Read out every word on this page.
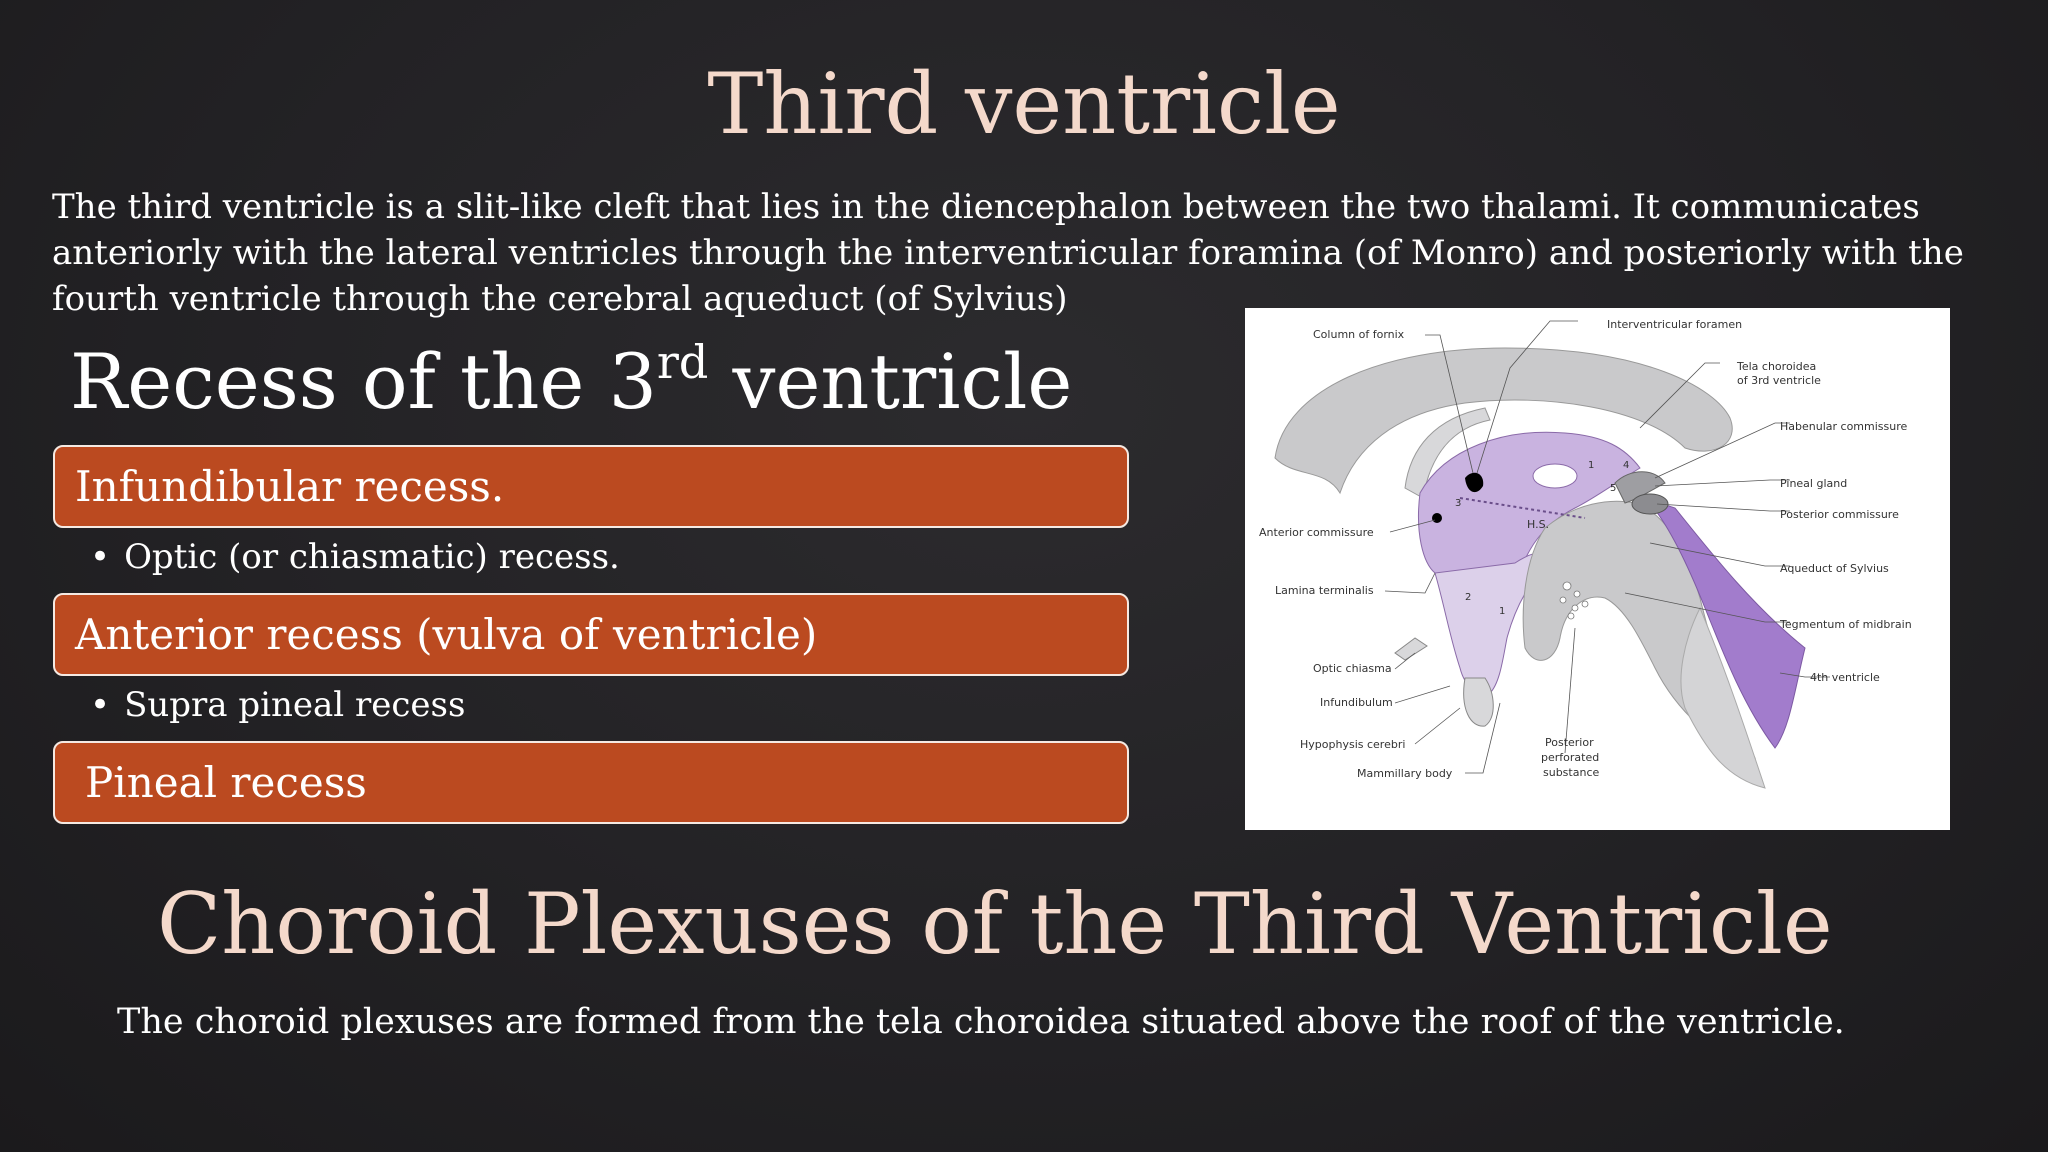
Third ventricle
The third ventricle is a slit-like cleft that lies in the diencephalon between the two thalami. It communicates
anteriorly with the lateral ventricles through the interventricular foramina (of Monro) and posteriorly with the
fourth ventricle through the cerebral aqueduct (of Sylvius)
Recess of the 3rd ventricle
Infundibular recess.
• Optic (or chiasmatic) recess.
Anterior recess (vulva of ventricle)
• Supra pineal recess
Pineal recess
Column of fornix
Interventricular foramen
Tela choroidea
of 3rd ventricle
Habenular commissure
Pineal gland
Posterior commissure
Anterior commissure
Aqueduct of Sylvius
Lamina terminalis
Tegmentum of midbrain
4th ventricle
Optic chiasma
Infundibulum
Hypophysis cerebri
Mammillary body
Posterior
perforated
substance
H.S.
1	4
5
3
2
1
Choroid Plexuses of the Third Ventricle

The choroid plexuses are formed from the tela choroidea situated above the roof of the ventricle.
